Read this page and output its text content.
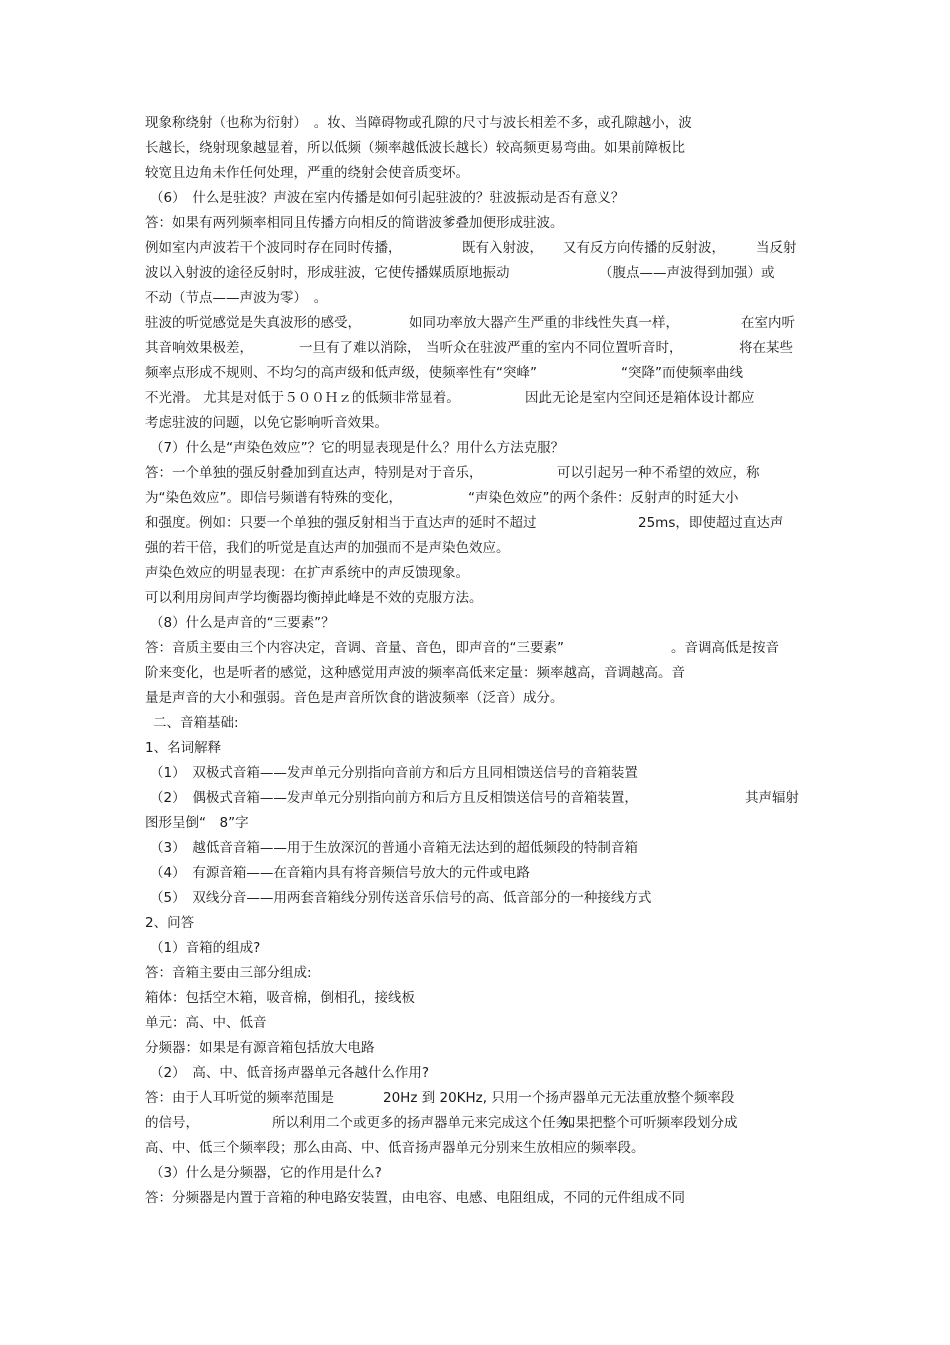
现象称绕射（也称为衍射）　。妆、当障碍物或孔隙的尺寸与波长相差不多，或孔隙越小，波
长越长，绕射现象越显着，所以低频（频率越低波长越长）较高频更易弯曲。如果前障板比
较宽且边角未作任何处理，严重的绕射会使音质变坏。
（6）　什么是驻波？声波在室内传播是如何引起驻波的？驻波振动是否有意义？
答：如果有两列频率相同且传播方向相反的简谐波爹叠加便形成驻波。
例如室内声波若干个波同时存在同时传播，	既有入射波， 又有反方向传播的反射波， 当反射
波以入射波的途径反射时，形成驻波，它使传播媒质原地振动	（腹点——声波得到加强）或
不动（节点——声波为零）　。
驻波的听觉感觉是失真波形的感受，	如同功率放大器产生严重的非线性失真一样，	在室内听
其音响效果极差，	一旦有了难以消除， 当听众在驻波严重的室内不同位置听音时，	将在某些
频率点形成不规则、不均匀的高声级和低声级，使频率性有“突峰”	“突降”而使频率曲线
不光滑。 尤其是对低于５００Ｈｚ的低频非常显着。	因此无论是室内空间还是箱体设计都应
考虑驻波的问题，以免它影响听音效果。
（7）什么是“声染色效应”？它的明显表现是什么？用什么方法克服？
答：一个单独的强反射叠加到直达声，特别是对于音乐，	可以引起另一种不希望的效应，称
为“染色效应”。即信号频谱有特殊的变化，	“声染色效应”的两个条件：反射声的时延大小
和强度。例如：只要一个单独的强反射相当于直达声的延时不超过	25ms，即使超过直达声
强的若干倍，我们的听觉是直达声的加强而不是声染色效应。
声染色效应的明显表现：在扩声系统中的声反馈现象。
可以利用房间声学均衡器均衡掉此峰是不效的克服方法。
（8）什么是声音的“三要素”？
答：音质主要由三个内容决定，音调、音量、音色，即声音的“三要素”	。音调高低是按音
阶来变化，也是听者的感觉，这种感觉用声波的频率高低来定量：频率越高，音调越高。音
量是声音的大小和强弱。音色是声音所饮食的谐波频率（泛音）成分。
二、音箱基础:
1、名词解释
（1）　双极式音箱——发声单元分别指向音前方和后方且同相馈送信号的音箱装置
（2）　偶极式音箱——发声单元分别指向前方和后方且反相馈送信号的音箱装置，	其声辐射
图形呈倒“　8”字
（3）　越低音音箱——用于生放深沉的普通小音箱无法达到的超低频段的特制音箱
（4）　有源音箱——在音箱内具有将音频信号放大的元件或电路
（5）　双线分音——用两套音箱线分别传送音乐信号的高、低音部分的一种接线方式
2、问答
（1）音箱的组成?
答：音箱主要由三部分组成:
箱体：包括空木箱，吸音棉，倒相孔，接线板
单元：高、中、低音
分频器：如果是有源音箱包括放大电路
（2）　高、中、低音扬声器单元各越什么作用?
答：由于人耳听觉的频率范围是	20Hz 到 20KHz, 只用一个扬声器单元无法重放整个频率段
的信号，	所以利用二个或更多的扬声器单元来完成这个任务。
如果把整个可听频率段划分成
高、中、低三个频率段；那么由高、中、低音扬声器单元分别来生放相应的频率段。
（3）什么是分频器，它的作用是什么?
答：分频器是内置于音箱的种电路安装置，由电容、电感、电阻组成，不同的元件组成不同
